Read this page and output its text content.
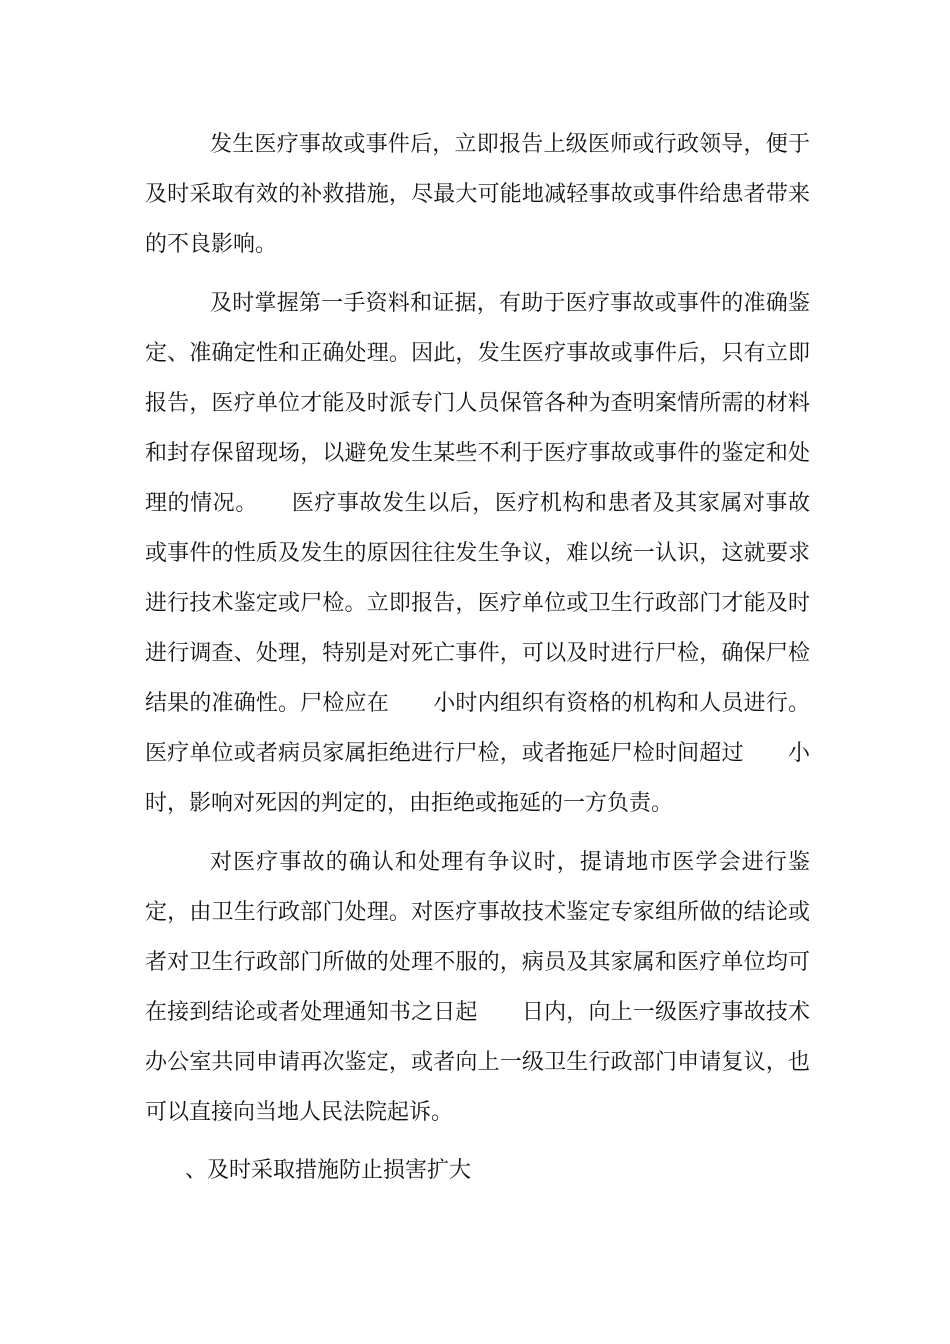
发生医疗事故或事件后，立即报告上级医师或行政领导，便于
及时采取有效的补救措施，尽最大可能地减轻事故或事件给患者带来
的不良影响。
及时掌握第一手资料和证据，有助于医疗事故或事件的准确鉴
定、准确定性和正确处理。因此，发生医疗事故或事件后，只有立即
报告，医疗单位才能及时派专门人员保管各种为查明案情所需的材料
和封存保留现场，以避免发生某些不利于医疗事故或事件的鉴定和处
理的情况。　　医疗事故发生以后，医疗机构和患者及其家属对事故
或事件的性质及发生的原因往往发生争议，难以统一认识，这就要求
进行技术鉴定或尸检。立即报告，医疗单位或卫生行政部门才能及时
进行调查、处理，特别是对死亡事件，可以及时进行尸检，确保尸检
结果的准确性。尸检应在　　小时内组织有资格的机构和人员进行。
医疗单位或者病员家属拒绝进行尸检，或者拖延尸检时间超过　　小
时，影响对死因的判定的，由拒绝或拖延的一方负责。
对医疗事故的确认和处理有争议时，提请地市医学会进行鉴
定，由卫生行政部门处理。对医疗事故技术鉴定专家组所做的结论或
者对卫生行政部门所做的处理不服的，病员及其家属和医疗单位均可
在接到结论或者处理通知书之日起　　日内，向上一级医疗事故技术
办公室共同申请再次鉴定，或者向上一级卫生行政部门申请复议，也
可以直接向当地人民法院起诉。
、及时采取措施防止损害扩大
